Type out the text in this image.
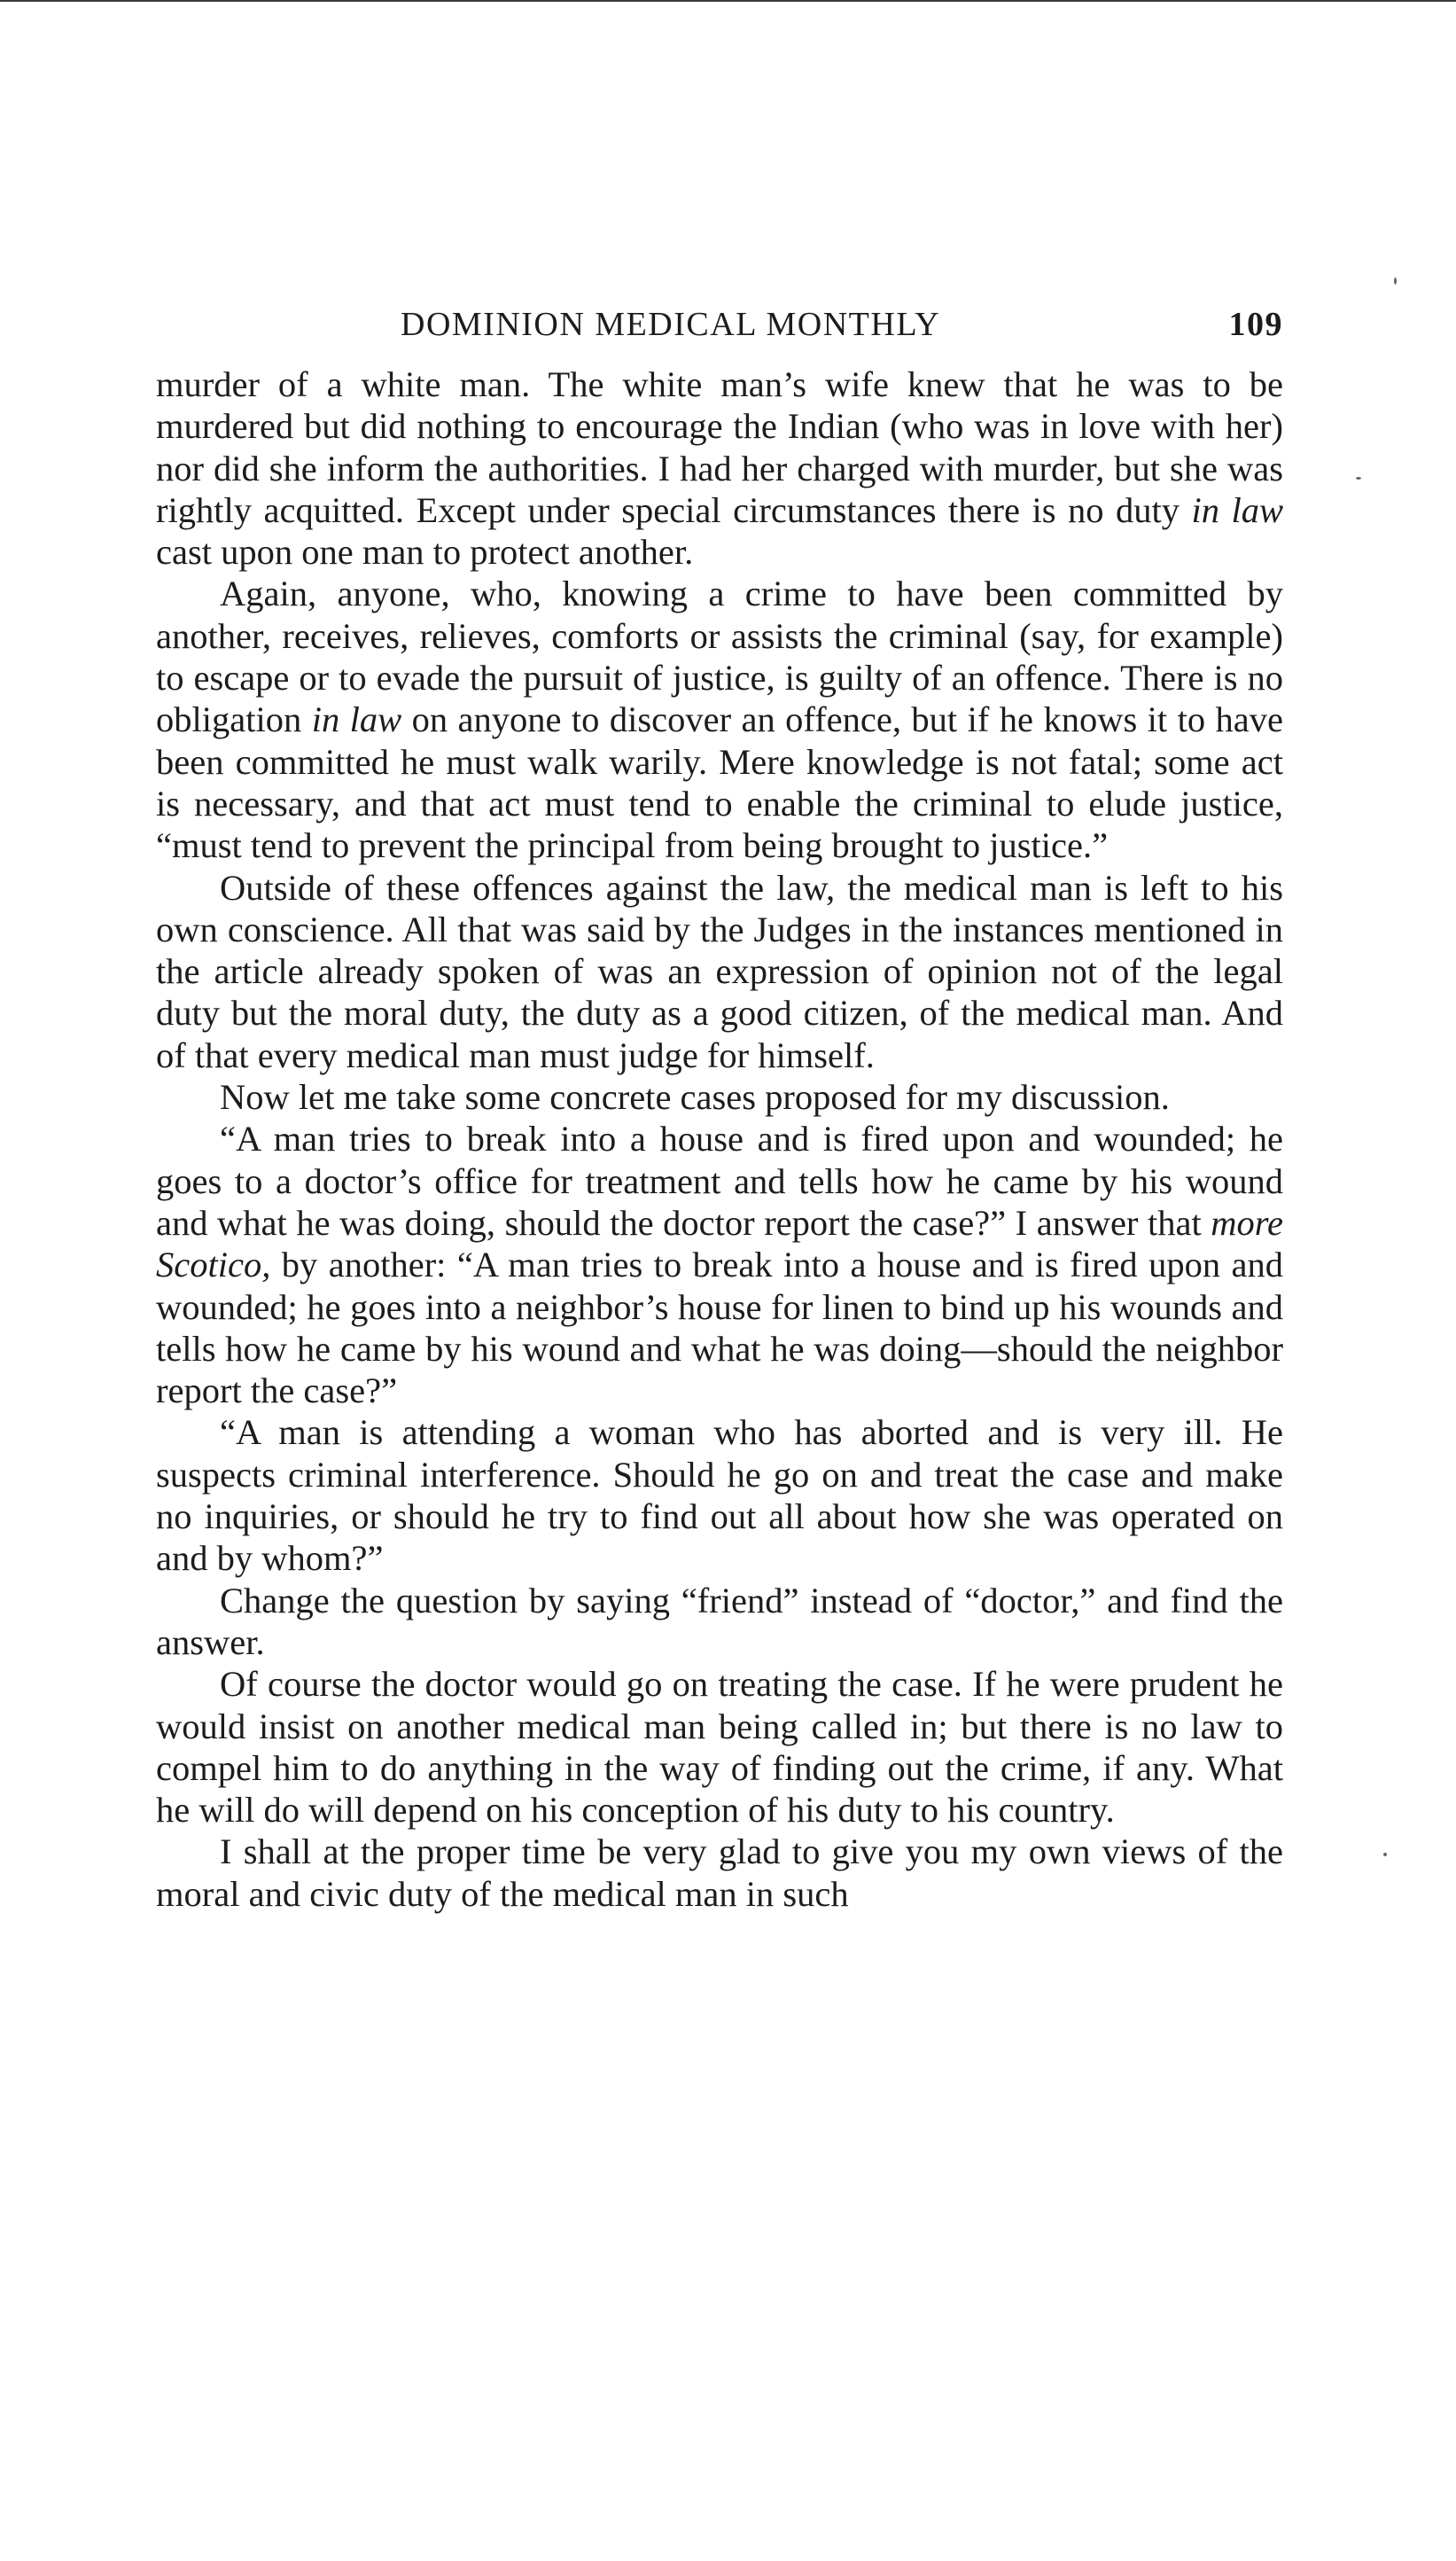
DOMINION MEDICAL MONTHLY	109

murder of a white man. The white man’s wife knew that he was to be murdered but did nothing to encourage the Indian (who was in love with her) nor did she inform the authorities. I had her charged with murder, but she was rightly acquitted. Except under special circumstances there is no duty in law cast upon one man to protect another.

Again, anyone, who, knowing a crime to have been committed by another, receives, relieves, comforts or assists the criminal (say, for example) to escape or to evade the pursuit of justice, is guilty of an offence. There is no obligation in law on anyone to discover an offence, but if he knows it to have been committed he must walk warily. Mere knowledge is not fatal; some act is necessary, and that act must tend to enable the criminal to elude justice, “must tend to prevent the principal from being brought to justice.”

Outside of these offences against the law, the medical man is left to his own conscience. All that was said by the Judges in the instances mentioned in the article already spoken of was an expression of opinion not of the legal duty but the moral duty, the duty as a good citizen, of the medical man. And of that every medical man must judge for himself.

Now let me take some concrete cases proposed for my discussion.

“A man tries to break into a house and is fired upon and wounded; he goes to a doctor’s office for treatment and tells how he came by his wound and what he was doing, should the doctor report the case?” I answer that more Scotico, by another: “A man tries to break into a house and is fired upon and wounded; he goes into a neighbor’s house for linen to bind up his wounds and tells how he came by his wound and what he was doing—should the neighbor report the case?”

“A man is attending a woman who has aborted and is very ill. He suspects criminal interference. Should he go on and treat the case and make no inquiries, or should he try to find out all about how she was operated on and by whom?”

Change the question by saying “friend” instead of “doctor,” and find the answer.

Of course the doctor would go on treating the case. If he were prudent he would insist on another medical man being called in; but there is no law to compel him to do anything in the way of finding out the crime, if any. What he will do will depend on his conception of his duty to his country.

I shall at the proper time be very glad to give you my own views of the moral and civic duty of the medical man in such
